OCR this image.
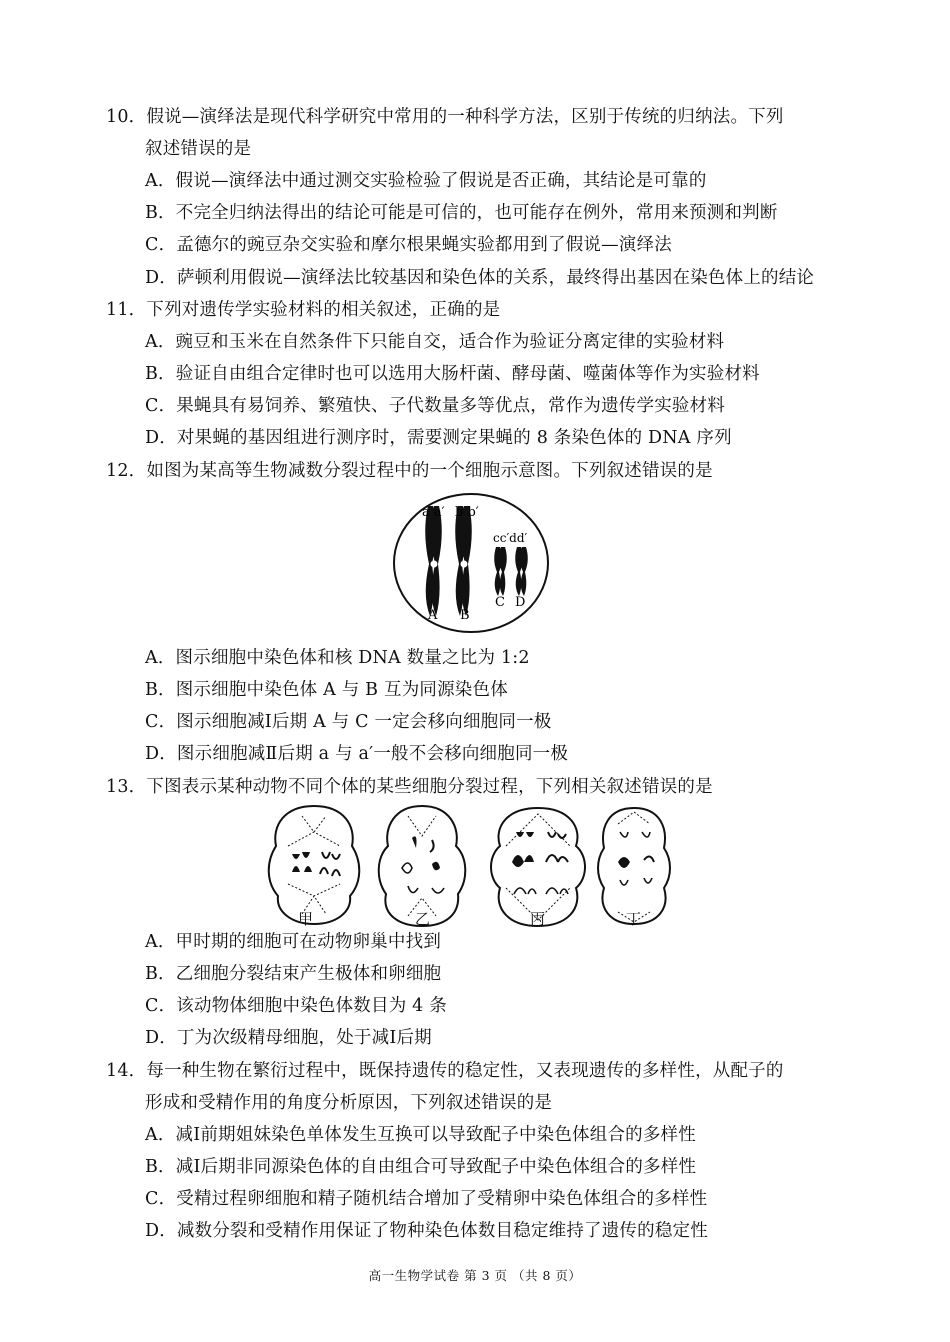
10．假说—演绎法是现代科学研究中常用的一种科学方法，区别于传统的归纳法。下列
叙述错误的是
A．假说—演绎法中通过测交实验检验了假说是否正确，其结论是可靠的
B．不完全归纳法得出的结论可能是可信的，也可能存在例外，常用来预测和判断
C．孟德尔的豌豆杂交实验和摩尔根果蝇实验都用到了假说—演绎法
D．萨顿利用假说—演绎法比较基因和染色体的关系，最终得出基因在染色体上的结论
11．下列对遗传学实验材料的相关叙述，正确的是
A．豌豆和玉米在自然条件下只能自交，适合作为验证分离定律的实验材料
B．验证自由组合定律时也可以选用大肠杆菌、酵母菌、噬菌体等作为实验材料
C．果蝇具有易饲养、繁殖快、子代数量多等优点，常作为遗传学实验材料
D．对果蝇的基因组进行测序时，需要测定果蝇的 8 条染色体的 DNA 序列
12．如图为某高等生物减数分裂过程中的一个细胞示意图。下列叙述错误的是
a a′ b b′
cc′dd′
A B
C D
A．图示细胞中染色体和核 DNA 数量之比为 1:2
B．图示细胞中染色体 A 与 B 互为同源染色体
C．图示细胞减Ⅰ后期 A 与 C 一定会移向细胞同一极
D．图示细胞减Ⅱ后期 a 与 a′一般不会移向细胞同一极
13．下图表示某种动物不同个体的某些细胞分裂过程，下列相关叙述错误的是
甲	乙	丙	丁
A．甲时期的细胞可在动物卵巢中找到
B．乙细胞分裂结束产生极体和卵细胞
C．该动物体细胞中染色体数目为 4 条
D．丁为次级精母细胞，处于减Ⅰ后期
14．每一种生物在繁衍过程中，既保持遗传的稳定性，又表现遗传的多样性，从配子的
形成和受精作用的角度分析原因，下列叙述错误的是
A．减Ⅰ前期姐妹染色单体发生互换可以导致配子中染色体组合的多样性
B．减Ⅰ后期非同源染色体的自由组合可导致配子中染色体组合的多样性
C．受精过程卵细胞和精子随机结合增加了受精卵中染色体组合的多样性
D．减数分裂和受精作用保证了物种染色体数目稳定维持了遗传的稳定性
高一生物学试卷 第 3 页 （共 8 页）
